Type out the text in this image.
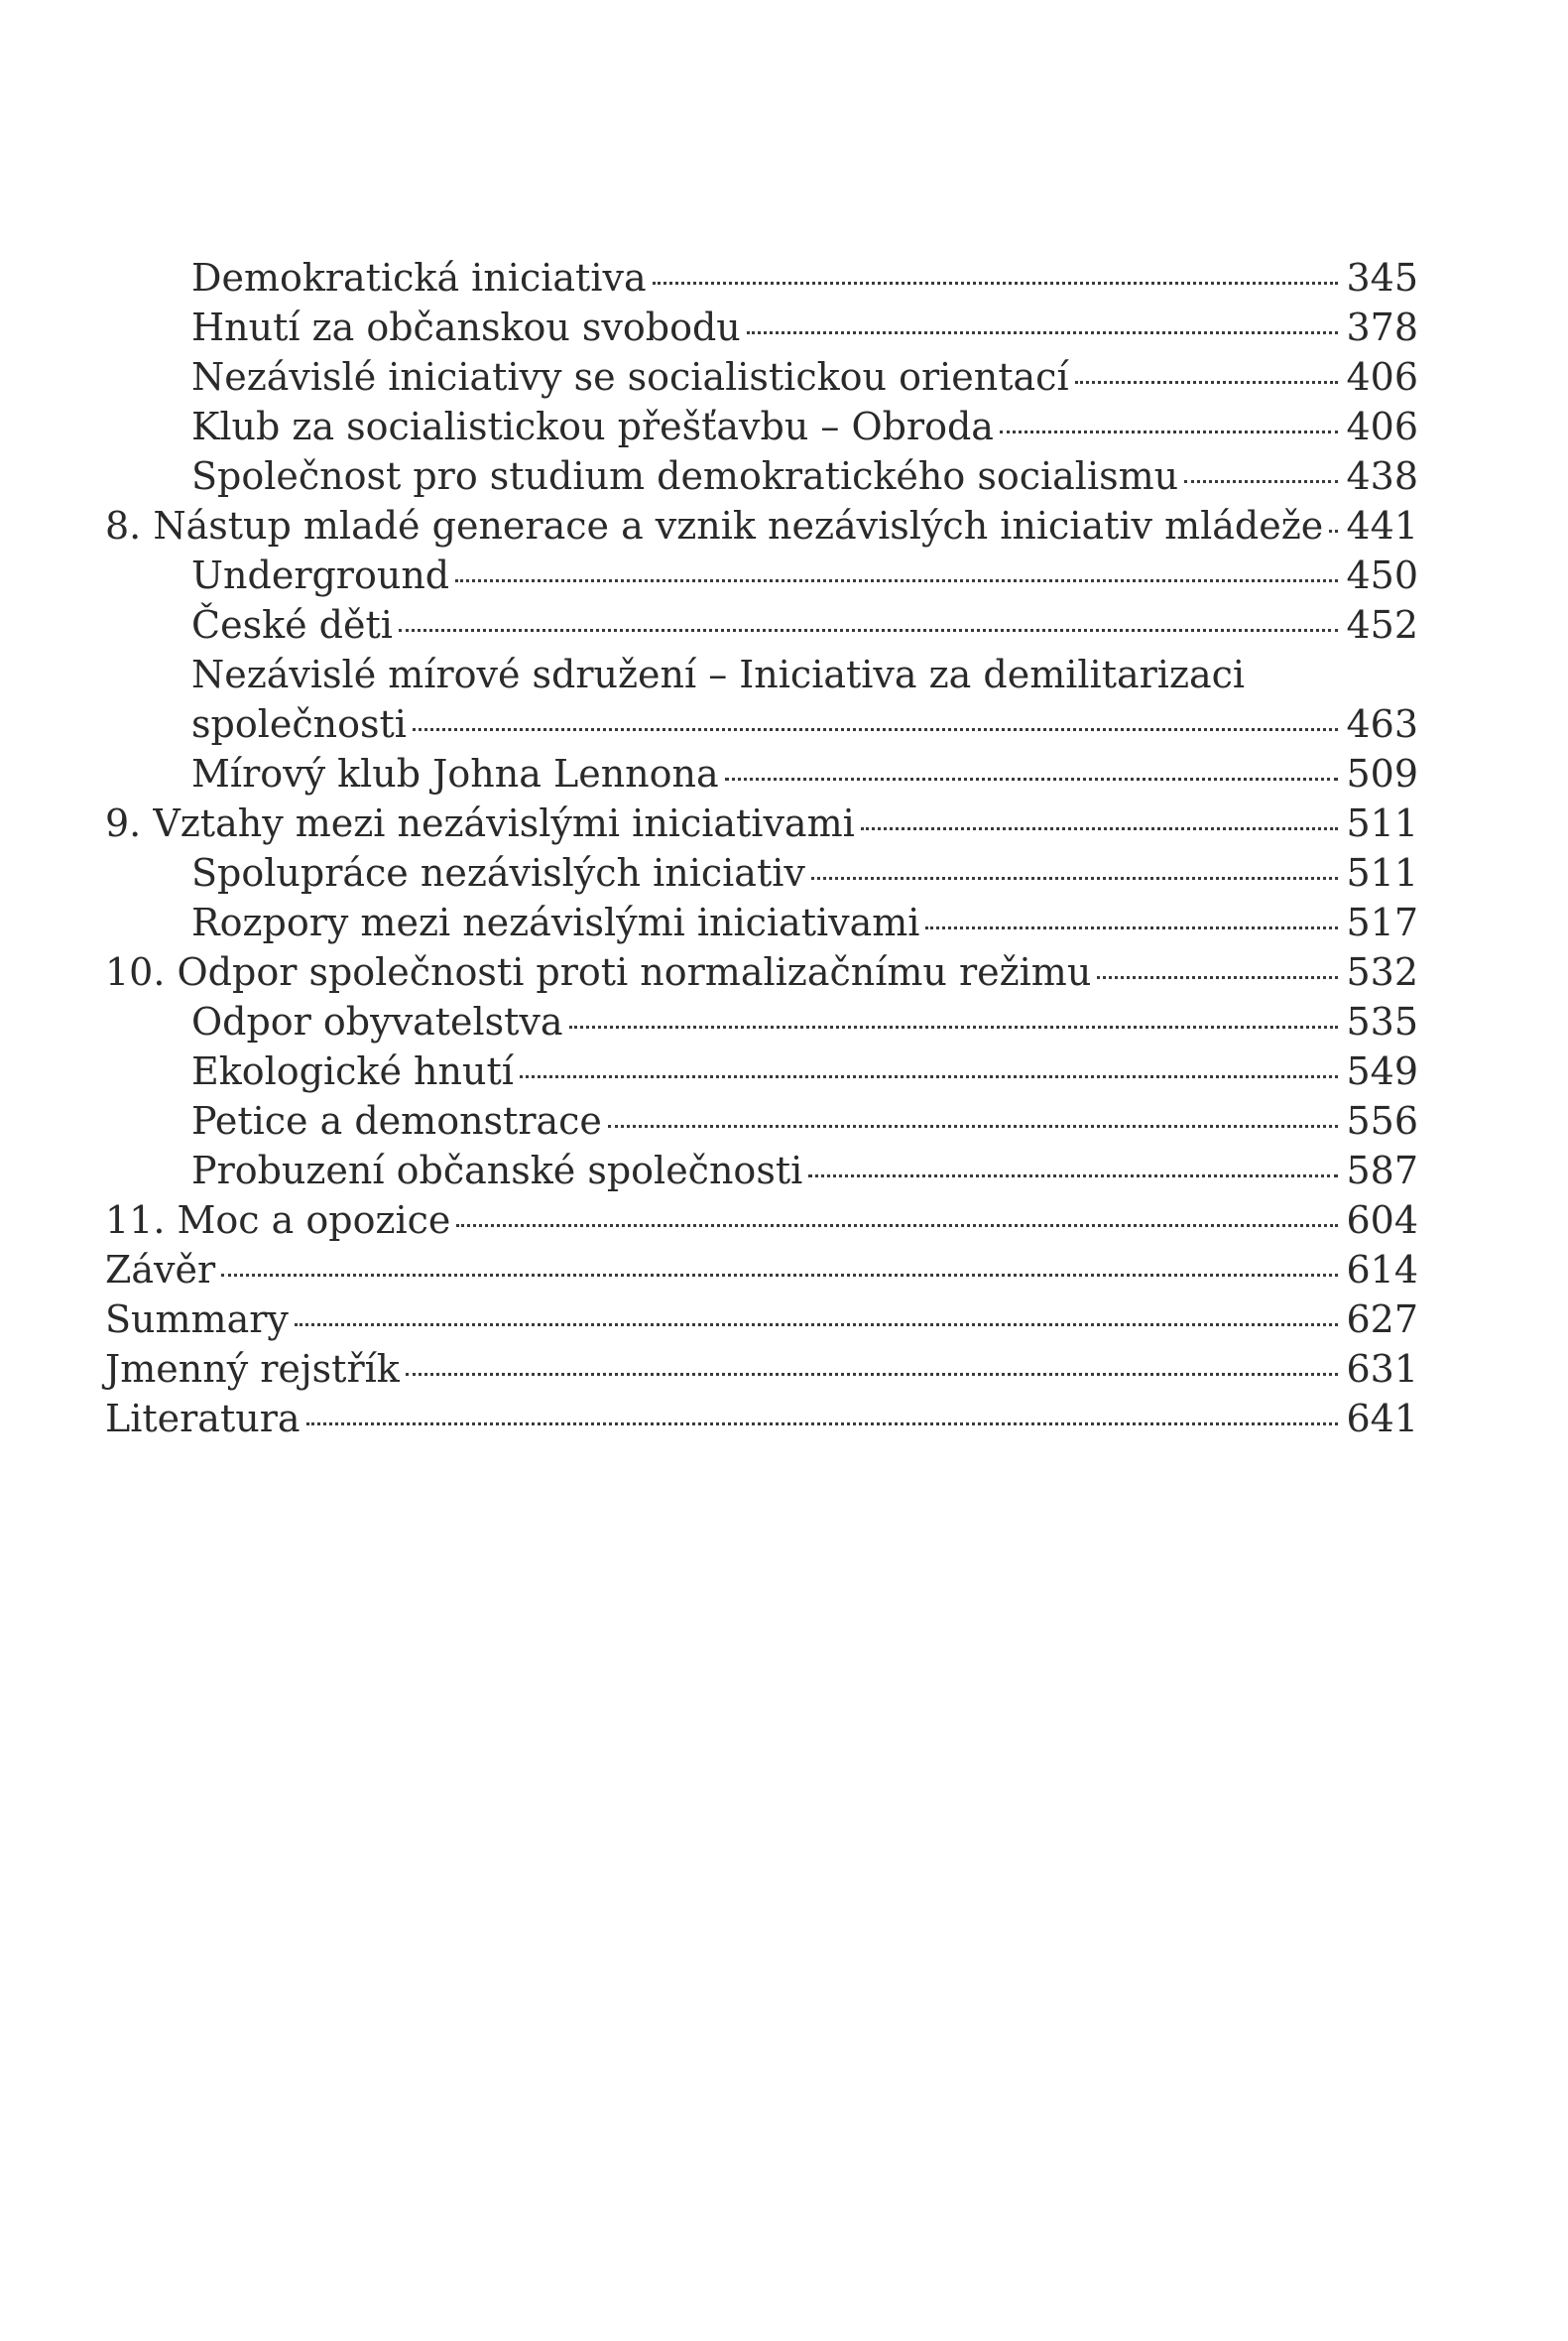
Demokratická iniciativa	345
Hnutí za občanskou svobodu	378
Nezávislé iniciativy se socialistickou orientací	406
Klub za socialistickou přešťavbu – Obroda	406
Společnost pro studium demokratického socialismu	438
8. Nástup mladé generace a vznik nezávislých iniciativ mládeže 441
Underground	450
České děti	452
Nezávislé mírové sdružení – Iniciativa za demilitarizaci
společnosti	463
Mírový klub Johna Lennona	509
9. Vztahy mezi nezávislými iniciativami	511
Spolupráce nezávislých iniciativ	511
Rozpory mezi nezávislými iniciativami	517
10. Odpor společnosti proti normalizačnímu režimu	532
Odpor obyvatelstva	535
Ekologické hnutí	549
Petice a demonstrace	556
Probuzení občanské společnosti	587
11. Moc a opozice	604
Závěr	614
Summary	627
Jmenný rejstřík	631
Literatura	641
